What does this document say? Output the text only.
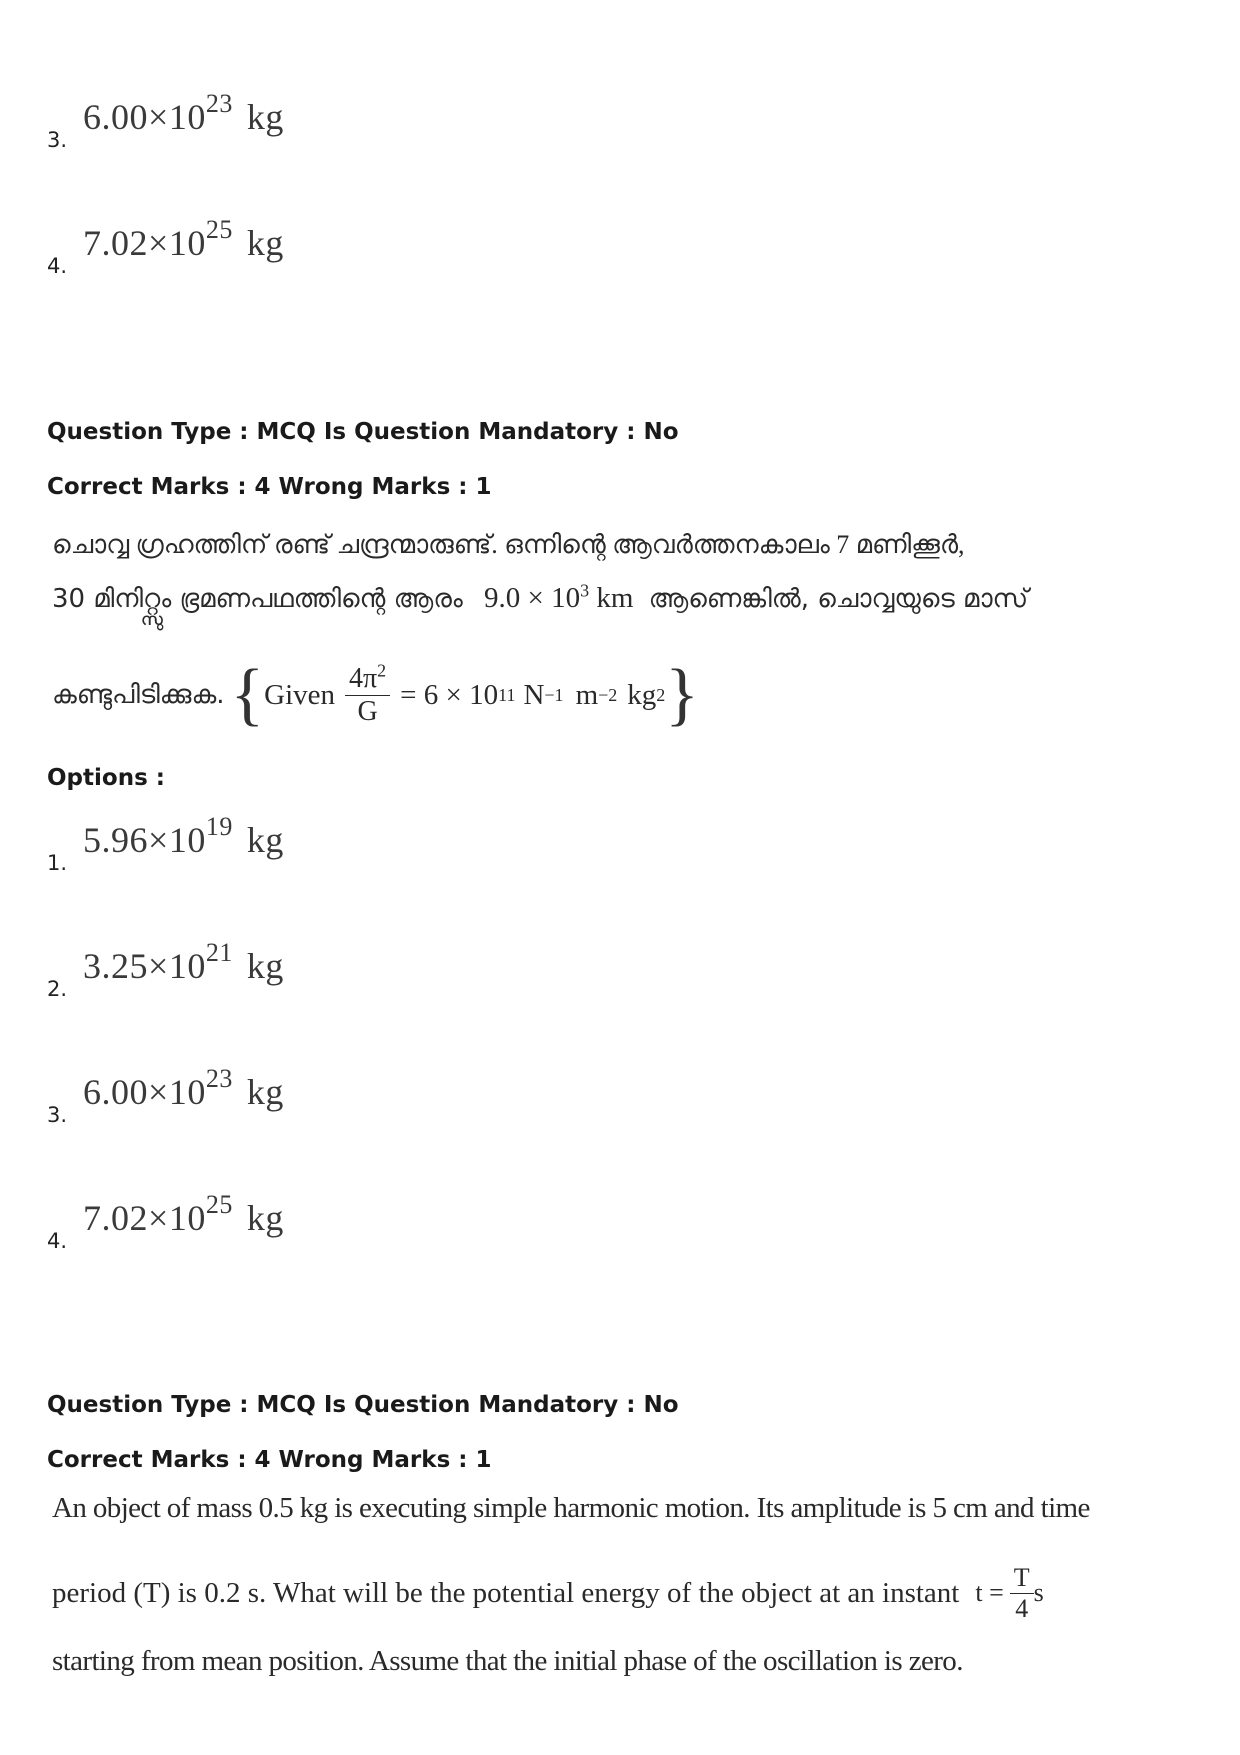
3.
$6.00\times 10^{23}$ kg
4.
$7.02\times 10^{25}$ kg
Question Type : MCQ Is Question Mandatory : No
Correct Marks : 4 Wrong Marks : 1
ചൊവ്വ ഗ്രഹത്തിന് രണ്ട് ചന്ദ്രന്മാരുണ്ട്. ഒന്നിന്റെ ആവർത്തനകാലം 7 മണിക്കൂർ,
30 മിനിറ്റ്സും ഭ്രമണപഥത്തിന്റെ ആരം $9.0 \times 10^3$ km ആണെങ്കിൽ, ചൊവ്വയുടെ മാസ്
കണ്ടുപിടിക്കുക. { Given $\frac{4\pi^2}{G} = 6 \times 10$ 11 N −1 m −2 kg 2 }
Options :
1.
$5.96\times 10^{19}$ kg
2.
$3.25\times 10^{21}$ kg
3.
$6.00\times 10^{23}$ kg
4.
$7.02\times 10^{25}$ kg
Question Type : MCQ Is Question Mandatory : No
Correct Marks : 4 Wrong Marks : 1
An object of mass 0.5 kg is executing simple harmonic motion. Its amplitude is 5 cm and time
period (T) is 0.2 s. What will be the potential energy of the object at an instant $t = \frac{T}{4}$ s
starting from mean position. Assume that the initial phase of the oscillation is zero.
